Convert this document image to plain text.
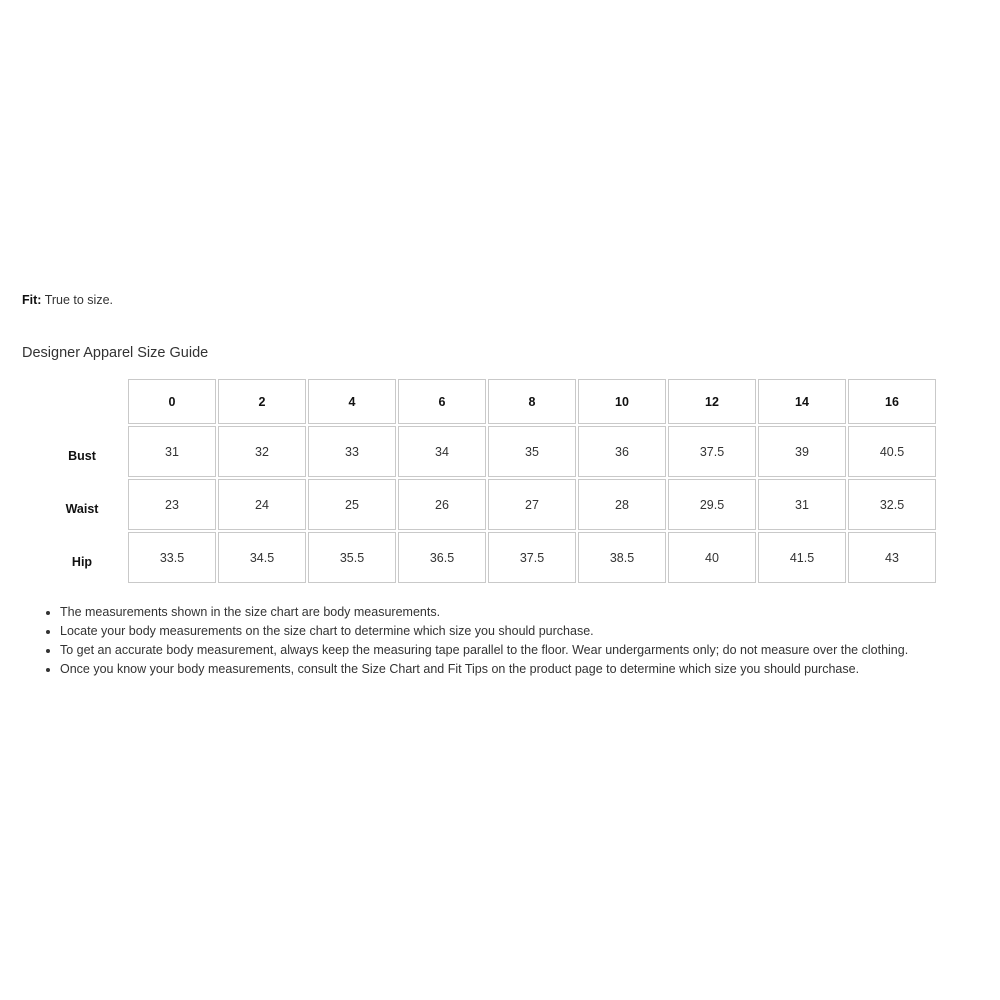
Fit: True to size.
Designer Apparel Size Guide
	0	2	4	6	8	10	12	14	16
Bust	31	32	33	34	35	36	37.5	39	40.5
Waist	23	24	25	26	27	28	29.5	31	32.5
Hip	33.5	34.5	35.5	36.5	37.5	38.5	40	41.5	43
• The measurements shown in the size chart are body measurements.
• Locate your body measurements on the size chart to determine which size you should purchase.
• To get an accurate body measurement, always keep the measuring tape parallel to the floor. Wear undergarments only; do not measure over the clothing.
• Once you know your body measurements, consult the Size Chart and Fit Tips on the product page to determine which size you should purchase.
